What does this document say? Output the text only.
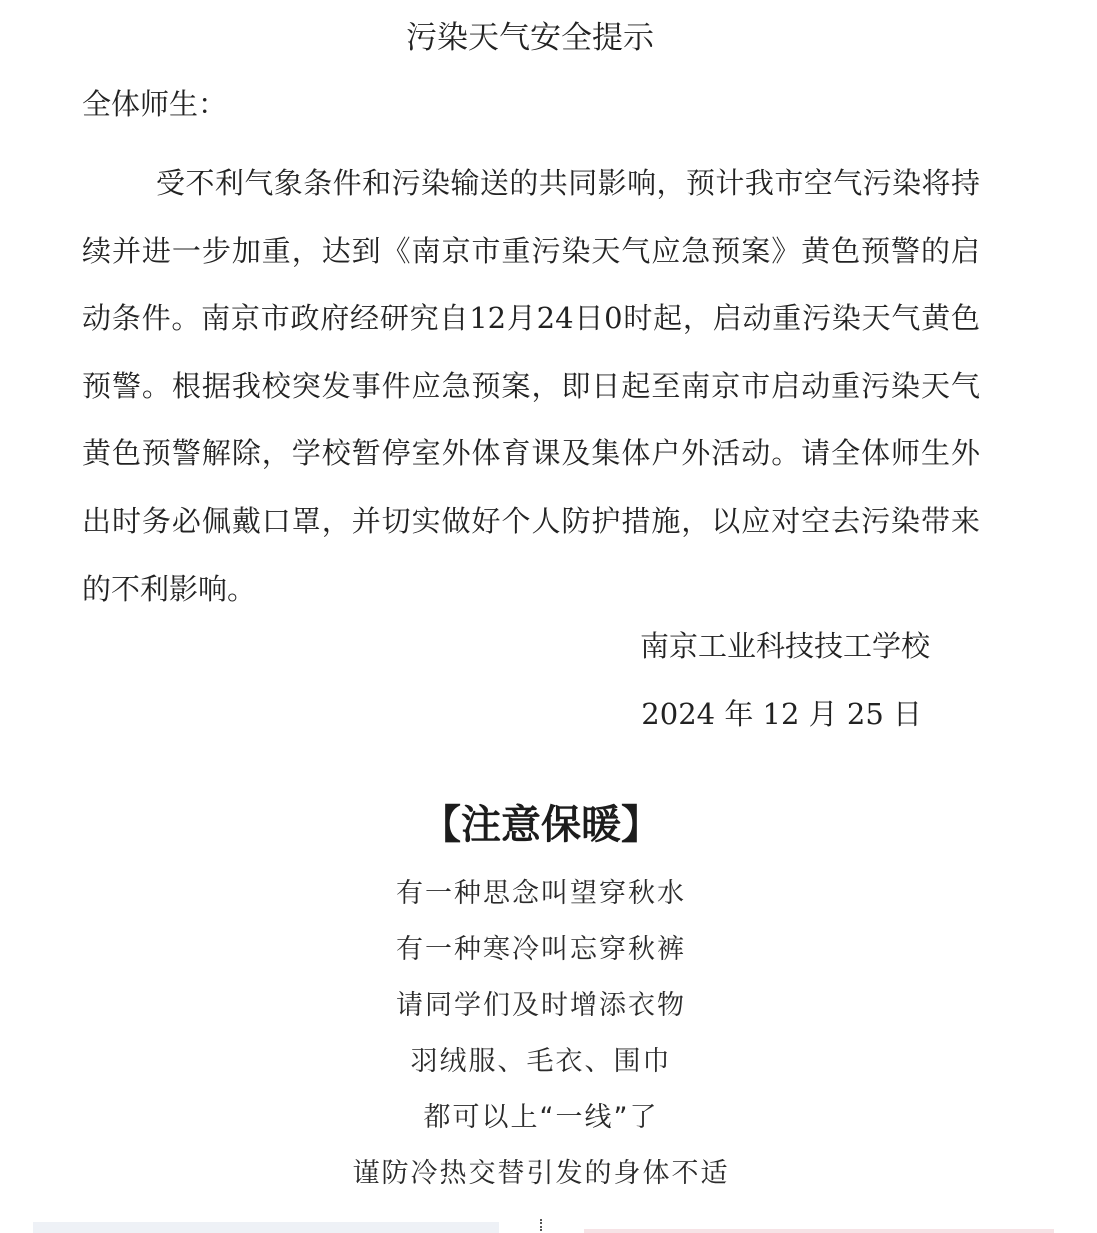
污染天气安全提示
全体师生：

受不利气象条件和污染输送的共同影响，预计我市空气污染将持续并进一步加重，达到《南京市重污染天气应急预案》黄色预警的启动条件。南京市政府经研究自12月24日0时起，启动重污染天气黄色预警。根据我校突发事件应急预案，即日起至南京市启动重污染天气黄色预警解除，学校暂停室外体育课及集体户外活动。请全体师生外出时务必佩戴口罩，并切实做好个人防护措施，以应对空去污染带来的不利影响。

南京工业科技技工学校
2024 年 12 月 25 日
【注意保暖】
有一种思念叫望穿秋水
有一种寒冷叫忘穿秋裤
请同学们及时增添衣物
羽绒服、毛衣、围巾
都可以上“一线”了
谨防冷热交替引发的身体不适
